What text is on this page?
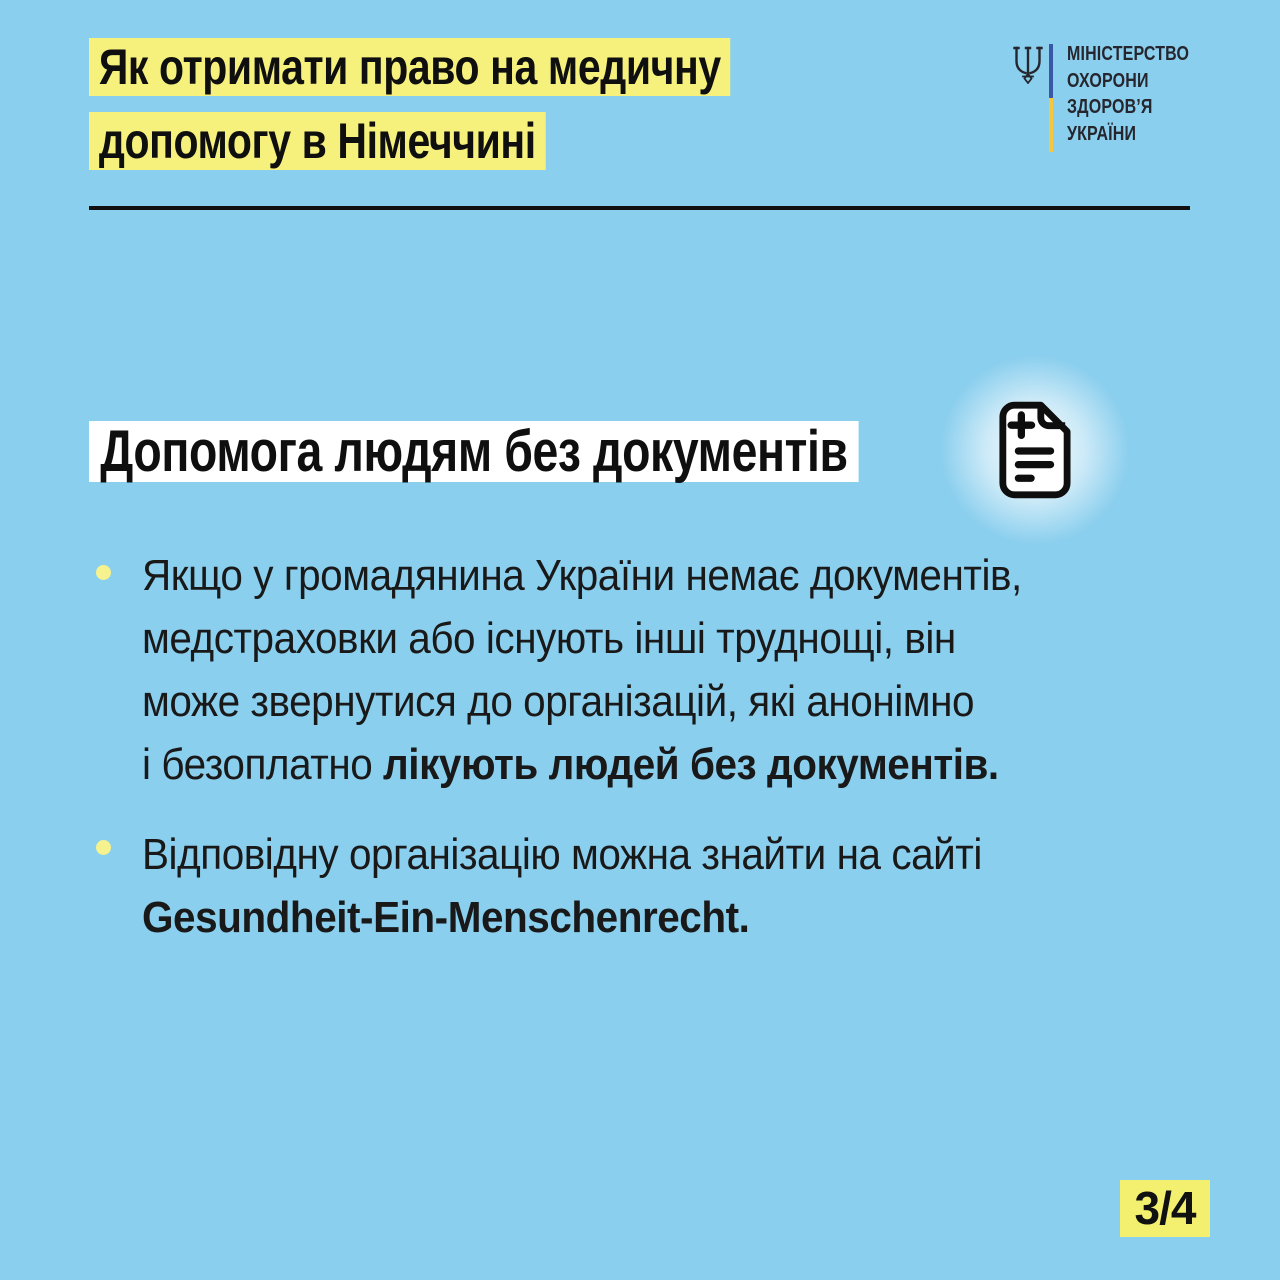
Як отримати право на медичну
допомогу в Німеччині
МІНІСТЕРСТВО
ОХОРОНИ
ЗДОРОВ’Я
УКРАЇНИ
Допомога людям без документів
Якщо у громадянина України немає документів,
медстраховки або існують інші труднощі, він
може звернутися до організацій, які анонімно
і безоплатно лікують людей без документів.
Відповідну організацію можна знайти на сайті
Gesundheit-Ein-Menschenrecht.
3/4
